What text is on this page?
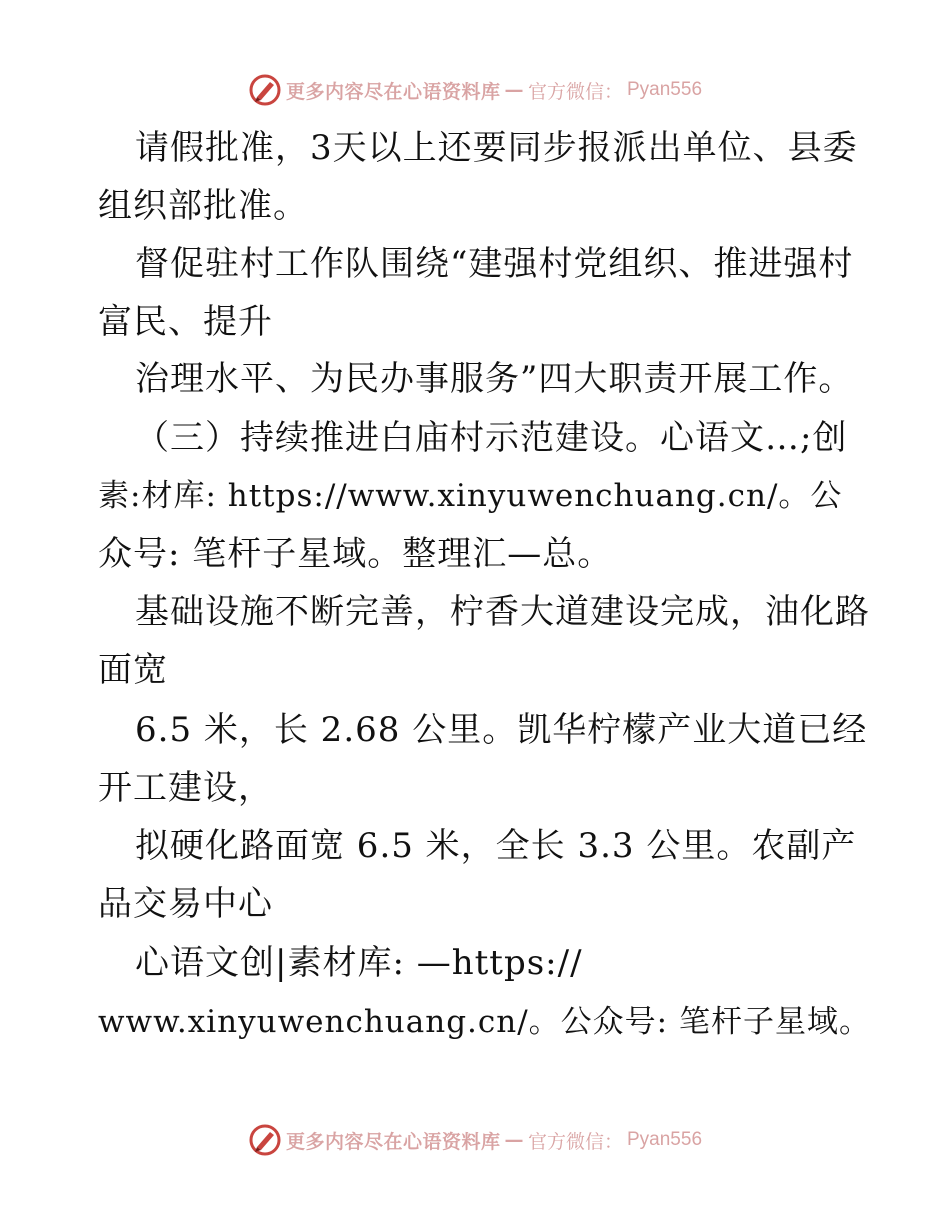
更多内容尽在心语资料库 — 官方微信： Pyan556
请假批准，3天以上还要同步报派出单位、县委
组织部批准。
督促驻村工作队围绕“建强村党组织、推进强村
富民、提升
治理水平、为民办事服务”四大职责开展工作。
（三）持续推进白庙村示范建设。心语文…;创
素:材库: https://www.xinyuwenchuang.cn/。公
众号: 笔杆子星域。整理汇—总。
基础设施不断完善，柠香大道建设完成，油化路
面宽
6.5 米，长 2.68 公里。凯华柠檬产业大道已经
开工建设，
拟硬化路面宽 6.5 米，全长 3.3 公里。农副产
品交易中心
心语文创|素材库: —https://
www.xinyuwenchuang.cn/。公众号: 笔杆子星域。
更多内容尽在心语资料库 — 官方微信： Pyan556
